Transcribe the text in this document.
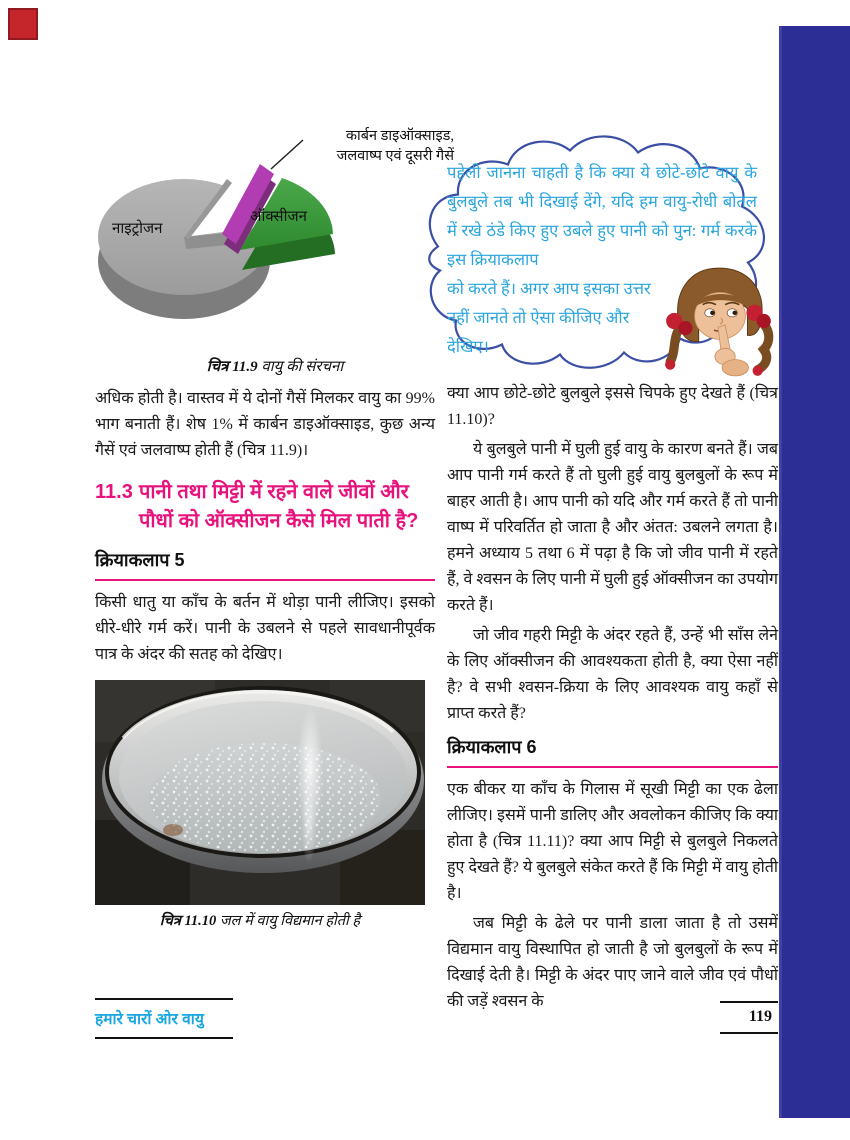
नाइट्रोजन
ऑक्सीजन
कार्बन डाइऑक्साइड,
जलवाष्प एवं दूसरी गैसें
चित्र 11.9 वायु की संरचना
पहेली जानना चाहती है कि क्या ये छोटे-छोटे वायु के बुलबुले तब भी दिखाई देंगे, यदि हम वायु-रोधी बोतल में रखे ठंडे किए हुए उबले हुए पानी को पुन: गर्म करके इस क्रियाकलाप
को करते हैं। अगर आप इसका उत्तर नहीं जानते तो ऐसा कीजिए और देखिए।

अधिक होती है। वास्तव में ये दोनों गैसें मिलकर वायु का 99% भाग बनाती हैं। शेष 1% में कार्बन डाइऑक्साइड, कुछ अन्य गैसें एवं जलवाष्प होती हैं (चित्र 11.9)।

11.3 पानी तथा मिट्टी में रहने वाले जीवों और पौधों को ऑक्सीजन कैसे मिल पाती है?
क्रियाकलाप 5

किसी धातु या काँच के बर्तन में थोड़ा पानी लीजिए। इसको धीरे-धीरे गर्म करें। पानी के उबलने से पहले सावधानीपूर्वक पात्र के अंदर की सतह को देखिए।

चित्र 11.10 जल में वायु विद्यमान होती है

क्या आप छोटे-छोटे बुलबुले इससे चिपके हुए देखते हैं (चित्र 11.10)?

ये बुलबुले पानी में घुली हुई वायु के कारण बनते हैं। जब आप पानी गर्म करते हैं तो घुली हुई वायु बुलबुलों के रूप में बाहर आती है। आप पानी को यदि और गर्म करते हैं तो पानी वाष्प में परिवर्तित हो जाता है और अंतत: उबलने लगता है। हमने अध्याय 5 तथा 6 में पढ़ा है कि जो जीव पानी में रहते हैं, वे श्वसन के लिए पानी में घुली हुई ऑक्सीजन का उपयोग करते हैं।

जो जीव गहरी मिट्टी के अंदर रहते हैं, उन्हें भी साँस लेने के लिए ऑक्सीजन की आवश्यकता होती है, क्या ऐसा नहीं है? वे सभी श्वसन-क्रिया के लिए आवश्यक वायु कहाँ से प्राप्त करते हैं?

क्रियाकलाप 6

एक बीकर या काँच के गिलास में सूखी मिट्टी का एक ढेला लीजिए। इसमें पानी डालिए और अवलोकन कीजिए कि क्या होता है (चित्र 11.11)? क्या आप मिट्टी से बुलबुले निकलते हुए देखते हैं? ये बुलबुले संकेत करते हैं कि मिट्टी में वायु होती है।

जब मिट्टी के ढेले पर पानी डाला जाता है तो उसमें विद्यमान वायु विस्थापित हो जाती है जो बुलबुलों के रूप में दिखाई देती है। मिट्टी के अंदर पाए जाने वाले जीव एवं पौधों की जड़ें श्वसन के

हमारे चारों ओर वायु	119
